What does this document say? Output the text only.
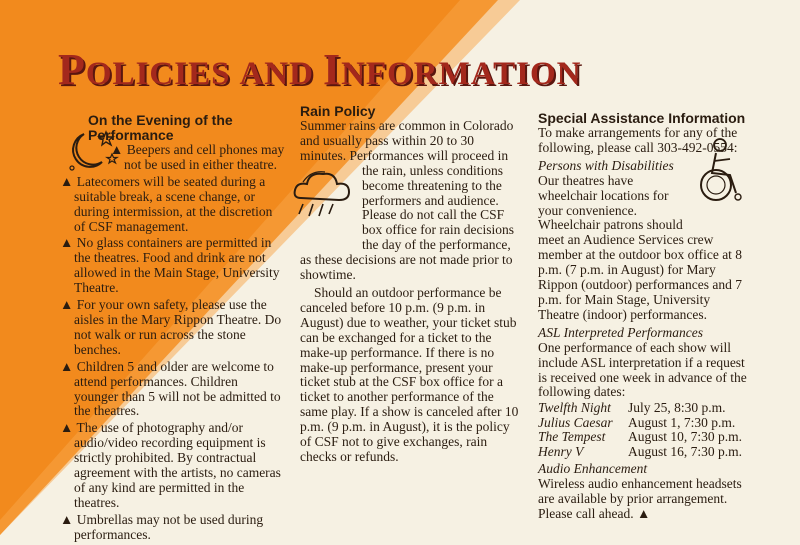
POLICIES AND INFORMATION
On the Evening of the Performance

▲ Beepers and cell phones may not be used in either theatre.

▲ Latecomers will be seated during a suitable break, a scene change, or during intermission, at the discretion of CSF management.

▲ No glass containers are permitted in the theatres. Food and drink are not allowed in the Main Stage, University Theatre.

▲ For your own safety, please use the aisles in the Mary Rippon Theatre. Do not walk or run across the stone benches.

▲ Children 5 and older are welcome to attend performances. Children younger than 5 will not be admitted to the theatres.

▲ The use of photography and/or audio/video recording equipment is strictly prohibited. By contractual agreement with the artists, no cameras of any kind are permitted in the theatres.

▲ Umbrellas may not be used during performances.

Rain Policy

Summer rains are common in Colorado and usually pass within 20 to 30 minutes. Performances will proceed in the rain, unless conditions become threatening to the performers and audience. Please do not call the CSF box office for rain decisions the day of the performance, as these decisions are not made prior to showtime.

Should an outdoor performance be canceled before 10 p.m. (9 p.m. in August) due to weather, your ticket stub can be exchanged for a ticket to the make-up performance. If there is no make-up performance, present your ticket stub at the CSF box office for a ticket to another performance of the same play. If a show is canceled after 10 p.m. (9 p.m. in August), it is the policy of CSF not to give exchanges, rain checks or refunds.

Special Assistance Information

To make arrangements for any of the following, please call 303-492-0554:

Persons with Disabilities
Our theatres have wheelchair locations for your convenience. Wheelchair patrons should meet an Audience Services crew member at the outdoor box office at 8 p.m. (7 p.m. in August) for Mary Rippon (outdoor) performances and 7 p.m. for Main Stage, University Theatre (indoor) performances.

ASL Interpreted Performances

One performance of each show will include ASL interpretation if a request is received one week in advance of the following dates:

Twelfth Night	July 25, 8:30 p.m.
Julius Caesar	August 1, 7:30 p.m.
The Tempest	August 10, 7:30 p.m.
Henry V	August 16, 7:30 p.m.

Audio Enhancement

Wireless audio enhancement headsets are available by prior arrangement. Please call ahead. ▲
